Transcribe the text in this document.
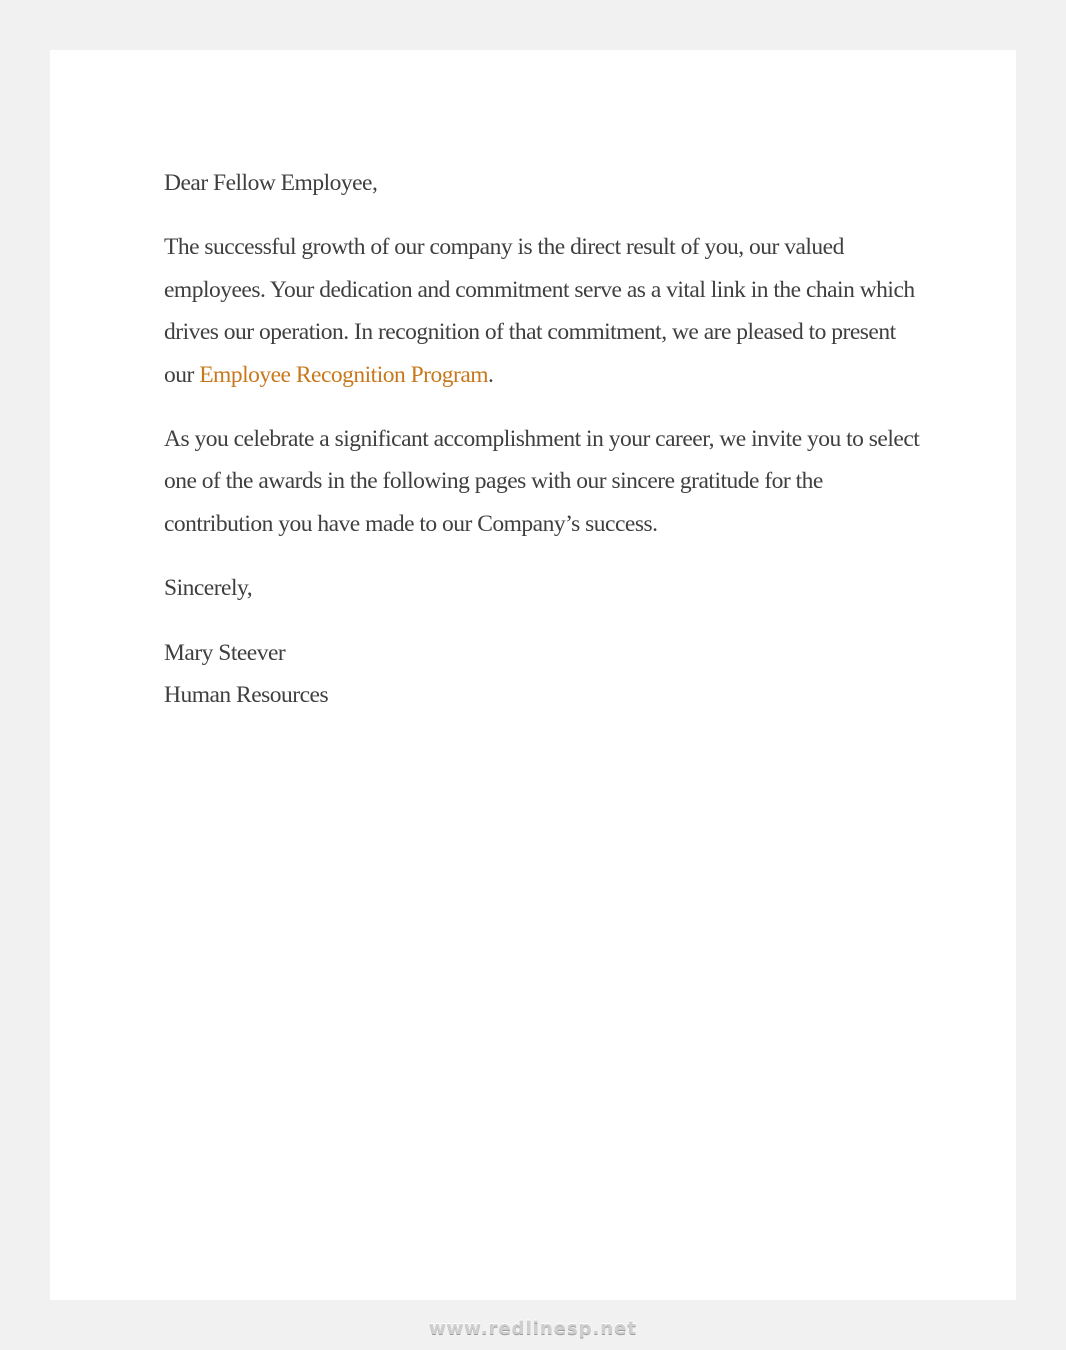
Dear Fellow Employee,

The successful growth of our company is the direct result of you, our valued employees. Your dedication and commitment serve as a vital link in the chain which drives our operation. In recognition of that commitment, we are pleased to present our Employee Recognition Program.

As you celebrate a significant accomplishment in your career, we invite you to select one of the awards in the following pages with our sincere gratitude for the contribution you have made to our Company’s success.

Sincerely,

Mary Steever
Human Resources

www.redlinesp.net
